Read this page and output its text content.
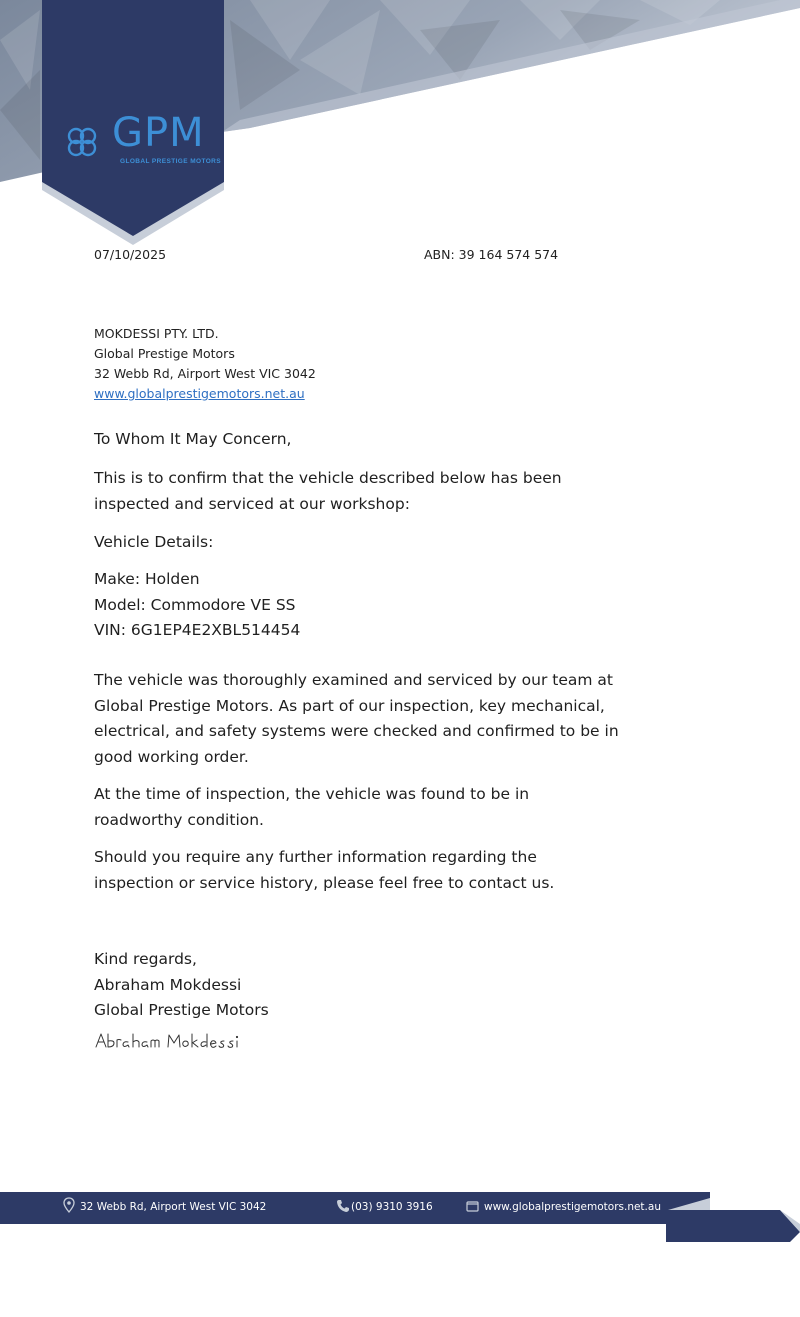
GPM
GLOBAL PRESTIGE MOTORS
07/10/2025	ABN: 39 164 574 574
MOKDESSI PTY. LTD.
Global Prestige Motors
32 Webb Rd, Airport West VIC 3042
www.globalprestigemotors.net.au
To Whom It May Concern,
This is to confirm that the vehicle described below has been
inspected and serviced at our workshop:
Vehicle Details:
Make: Holden
Model: Commodore VE SS
VIN: 6G1EP4E2XBL514454
The vehicle was thoroughly examined and serviced by our team at
Global Prestige Motors. As part of our inspection, key mechanical,
electrical, and safety systems were checked and confirmed to be in
good working order.
At the time of inspection, the vehicle was found to be in
roadworthy condition.
Should you require any further information regarding the
inspection or service history, please feel free to contact us.
Kind regards,
Abraham Mokdessi
Global Prestige Motors
32 Webb Rd, Airport West VIC 3042	(03) 9310 3916	www.globalprestigemotors.net.au
